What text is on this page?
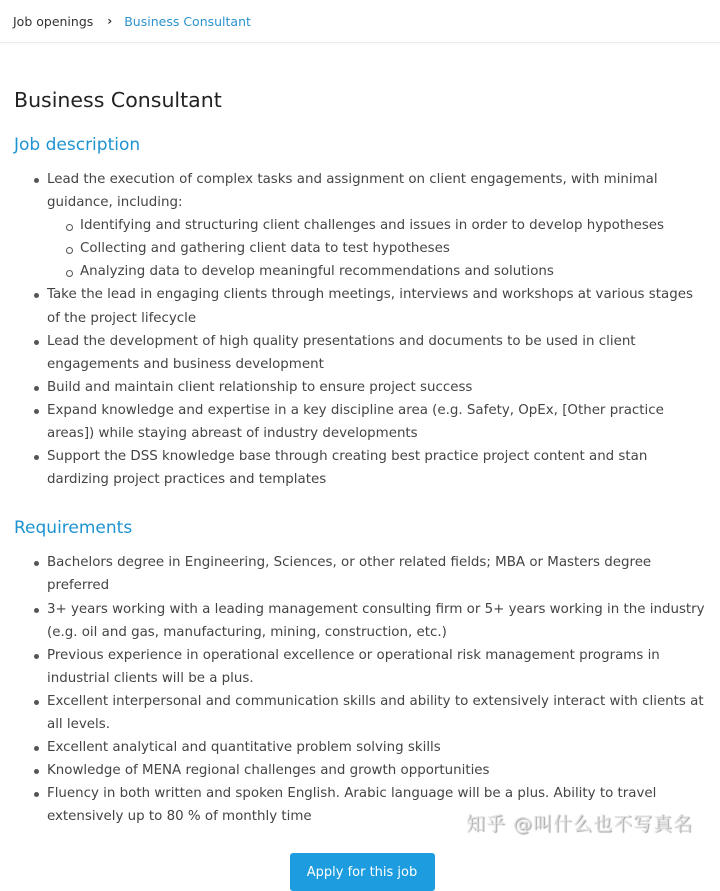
Job openings › Business Consultant
Business Consultant
Job description
Lead the execution of complex tasks and assignment on client engagements, with minimal guidance, including:
Identifying and structuring client challenges and issues in order to develop hypotheses
Collecting and gathering client data to test hypotheses
Analyzing data to develop meaningful recommendations and solutions
Take the lead in engaging clients through meetings, interviews and workshops at various stages of the project lifecycle
Lead the development of high quality presentations and documents to be used in client engagements and business development
Build and maintain client relationship to ensure project success
Expand knowledge and expertise in a key discipline area (e.g. Safety, OpEx, [Other practice areas]) while staying abreast of industry developments
Support the DSS knowledge base through creating best practice project content and stan dardizing project practices and templates
Requirements
Bachelors degree in Engineering, Sciences, or other related fields; MBA or Masters degree preferred
3+ years working with a leading management consulting firm or 5+ years working in the industry (e.g. oil and gas, manufacturing, mining, construction, etc.)
Previous experience in operational excellence or operational risk management programs in industrial clients will be a plus.
Excellent interpersonal and communication skills and ability to extensively interact with clients at all levels.
Excellent analytical and quantitative problem solving skills
Knowledge of MENA regional challenges and growth opportunities
Fluency in both written and spoken English. Arabic language will be a plus. Ability to travel extensively up to 80 % of monthly time
Apply for this job
知乎 @叫什么也不写真名
